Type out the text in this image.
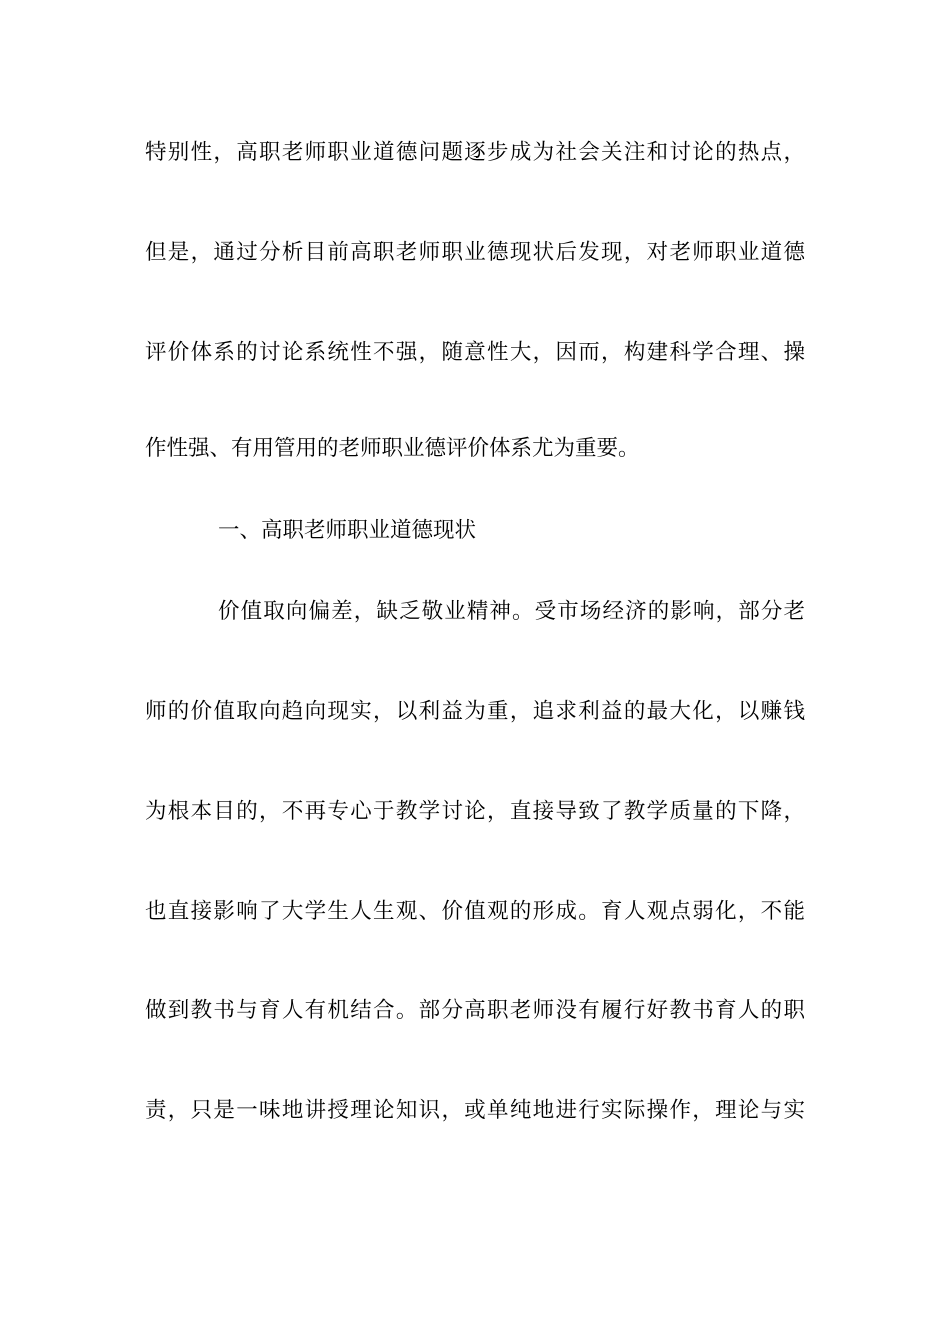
特别性，高职老师职业道德问题逐步成为社会关注和讨论的热点，
但是，通过分析目前高职老师职业德现状后发现，对老师职业道德
评价体系的讨论系统性不强，随意性大，因而，构建科学合理、操
作性强、有用管用的老师职业德评价体系尤为重要。
一、高职老师职业道德现状
价值取向偏差，缺乏敬业精神。受市场经济的影响，部分老
师的价值取向趋向现实，以利益为重，追求利益的最大化，以赚钱
为根本目的，不再专心于教学讨论，直接导致了教学质量的下降，
也直接影响了大学生人生观、价值观的形成。育人观点弱化，不能
做到教书与育人有机结合。部分高职老师没有履行好教书育人的职
责，只是一味地讲授理论知识，或单纯地进行实际操作，理论与实
